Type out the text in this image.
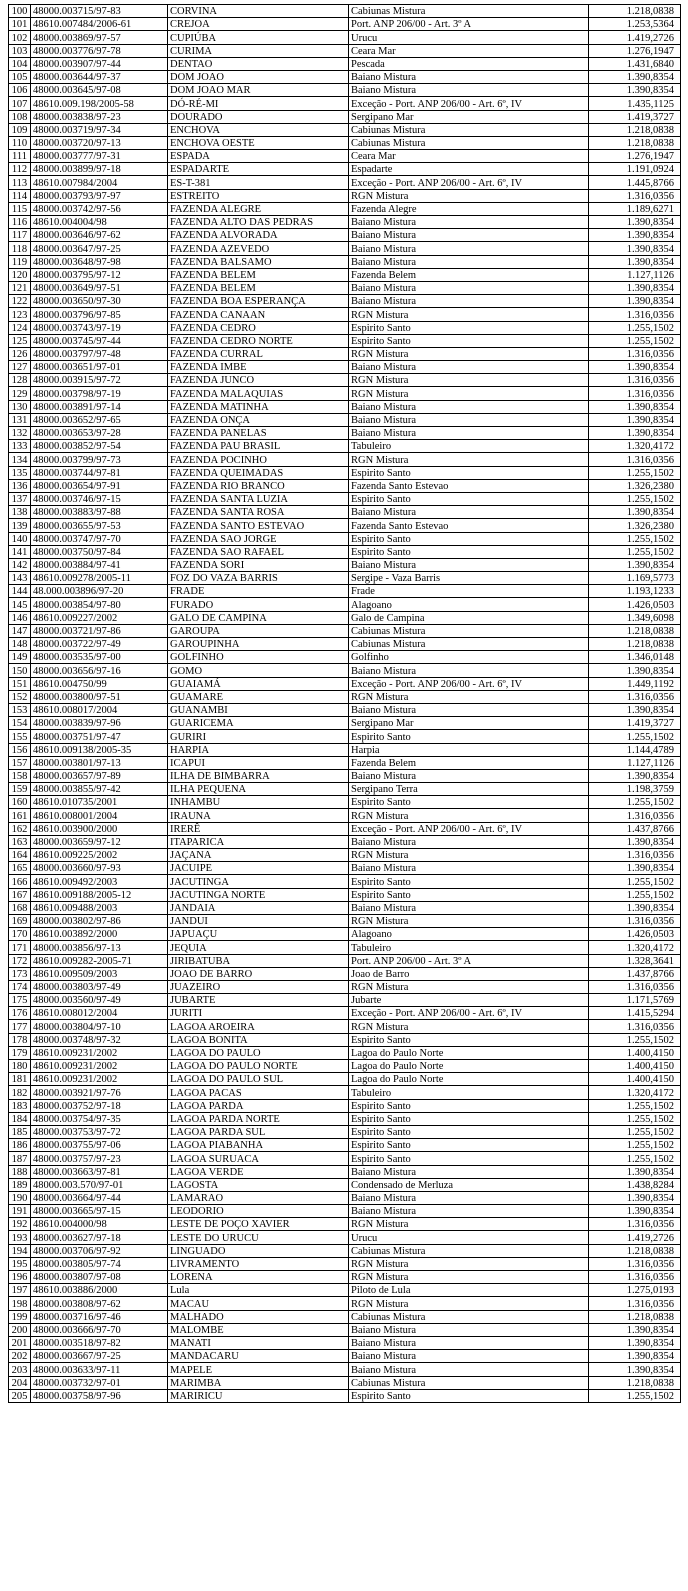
100	48000.003715/97-83	CORVINA	Cabiunas Mistura	1.218,0838
101	48610.007484/2006-61	CREJOA	Port. ANP 206/00 - Art. 3º A	1.253,5364
102	48000.003869/97-57	CUPIÚBA	Urucu	1.419,2726
103	48000.003776/97-78	CURIMA	Ceara Mar	1.276,1947
104	48000.003907/97-44	DENTAO	Pescada	1.431,6840
105	48000.003644/97-37	DOM JOAO	Baiano Mistura	1.390,8354
106	48000.003645/97-08	DOM JOAO MAR	Baiano Mistura	1.390,8354
107	48610.009.198/2005-58	DÓ-RÉ-MI	Exceção - Port. ANP 206/00 - Art. 6º, IV	1.435,1125
108	48000.003838/97-23	DOURADO	Sergipano Mar	1.419,3727
109	48000.003719/97-34	ENCHOVA	Cabiunas Mistura	1.218,0838
110	48000.003720/97-13	ENCHOVA OESTE	Cabiunas Mistura	1.218,0838
111	48000.003777/97-31	ESPADA	Ceara Mar	1.276,1947
112	48000.003899/97-18	ESPADARTE	Espadarte	1.191,0924
113	48610.007984/2004	ES-T-381	Exceção - Port. ANP 206/00 - Art. 6º, IV	1.445,8766
114	48000.003793/97-97	ESTREITO	RGN Mistura	1.316,0356
115	48000.003742/97-56	FAZENDA ALEGRE	Fazenda Alegre	1.189,6271
116	48610.004004/98	FAZENDA ALTO DAS PEDRAS	Baiano Mistura	1.390,8354
117	48000.003646/97-62	FAZENDA ALVORADA	Baiano Mistura	1.390,8354
118	48000.003647/97-25	FAZENDA AZEVEDO	Baiano Mistura	1.390,8354
119	48000.003648/97-98	FAZENDA BALSAMO	Baiano Mistura	1.390,8354
120	48000.003795/97-12	FAZENDA BELEM	Fazenda Belem	1.127,1126
121	48000.003649/97-51	FAZENDA BELEM	Baiano Mistura	1.390,8354
122	48000.003650/97-30	FAZENDA BOA ESPERANÇA	Baiano Mistura	1.390,8354
123	48000.003796/97-85	FAZENDA CANAAN	RGN Mistura	1.316,0356
124	48000.003743/97-19	FAZENDA CEDRO	Espirito Santo	1.255,1502
125	48000.003745/97-44	FAZENDA CEDRO NORTE	Espirito Santo	1.255,1502
126	48000.003797/97-48	FAZENDA CURRAL	RGN Mistura	1.316,0356
127	48000.003651/97-01	FAZENDA IMBE	Baiano Mistura	1.390,8354
128	48000.003915/97-72	FAZENDA JUNCO	RGN Mistura	1.316,0356
129	48000.003798/97-19	FAZENDA MALAQUIAS	RGN Mistura	1.316,0356
130	48000.003891/97-14	FAZENDA MATINHA	Baiano Mistura	1.390,8354
131	48000.003652/97-65	FAZENDA ONÇA	Baiano Mistura	1.390,8354
132	48000.003653/97-28	FAZENDA PANELAS	Baiano Mistura	1.390,8354
133	48000.003852/97-54	FAZENDA PAU BRASIL	Tabuleiro	1.320,4172
134	48000.003799/97-73	FAZENDA POCINHO	RGN Mistura	1.316,0356
135	48000.003744/97-81	FAZENDA QUEIMADAS	Espirito Santo	1.255,1502
136	48000.003654/97-91	FAZENDA RIO BRANCO	Fazenda Santo Estevao	1.326,2380
137	48000.003746/97-15	FAZENDA SANTA LUZIA	Espirito Santo	1.255,1502
138	48000.003883/97-88	FAZENDA SANTA ROSA	Baiano Mistura	1.390,8354
139	48000.003655/97-53	FAZENDA SANTO ESTEVAO	Fazenda Santo Estevao	1.326,2380
140	48000.003747/97-70	FAZENDA SAO JORGE	Espirito Santo	1.255,1502
141	48000.003750/97-84	FAZENDA SAO RAFAEL	Espirito Santo	1.255,1502
142	48000.003884/97-41	FAZENDA SORI	Baiano Mistura	1.390,8354
143	48610.009278/2005-11	FOZ DO VAZA BARRIS	Sergipe - Vaza Barris	1.169,5773
144	48.000.003896/97-20	FRADE	Frade	1.193,1233
145	48000.003854/97-80	FURADO	Alagoano	1.426,0503
146	48610.009227/2002	GALO DE CAMPINA	Galo de Campina	1.349,6098
147	48000.003721/97-86	GAROUPA	Cabiunas Mistura	1.218,0838
148	48000.003722/97-49	GAROUPINHA	Cabiunas Mistura	1.218,0838
149	48000.003535/97-00	GOLFINHO	Golfinho	1.346,0148
150	48000.003656/97-16	GOMO	Baiano Mistura	1.390,8354
151	48610.004750/99	GUAIAMÁ	Exceção - Port. ANP 206/00 - Art. 6º, IV	1.449,1192
152	48000.003800/97-51	GUAMARE	RGN Mistura	1.316,0356
153	48610.008017/2004	GUANAMBI	Baiano Mistura	1.390,8354
154	48000.003839/97-96	GUARICEMA	Sergipano Mar	1.419,3727
155	48000.003751/97-47	GURIRI	Espirito Santo	1.255,1502
156	48610.009138/2005-35	HARPIA	Harpia	1.144,4789
157	48000.003801/97-13	ICAPUI	Fazenda Belem	1.127,1126
158	48000.003657/97-89	ILHA DE BIMBARRA	Baiano Mistura	1.390,8354
159	48000.003855/97-42	ILHA PEQUENA	Sergipano Terra	1.198,3759
160	48610.010735/2001	INHAMBU	Espirito Santo	1.255,1502
161	48610.008001/2004	IRAUNA	RGN Mistura	1.316,0356
162	48610.003900/2000	IRERÊ	Exceção - Port. ANP 206/00 - Art. 6º, IV	1.437,8766
163	48000.003659/97-12	ITAPARICA	Baiano Mistura	1.390,8354
164	48610.009225/2002	JAÇANA	RGN Mistura	1.316,0356
165	48000.003660/97-93	JACUIPE	Baiano Mistura	1.390,8354
166	48610.009492/2003	JACUTINGA	Espirito Santo	1.255,1502
167	48610.009188/2005-12	JACUTINGA NORTE	Espirito Santo	1.255,1502
168	48610.009488/2003	JANDAIA	Baiano Mistura	1.390,8354
169	48000.003802/97-86	JANDUI	RGN Mistura	1.316,0356
170	48610.003892/2000	JAPUAÇU	Alagoano	1.426,0503
171	48000.003856/97-13	JEQUIA	Tabuleiro	1.320,4172
172	48610.009282-2005-71	JIRIBATUBA	Port. ANP 206/00 - Art. 3º A	1.328,3641
173	48610.009509/2003	JOAO DE BARRO	Joao de Barro	1.437,8766
174	48000.003803/97-49	JUAZEIRO	RGN Mistura	1.316,0356
175	48000.003560/97-49	JUBARTE	Jubarte	1.171,5769
176	48610.008012/2004	JURITI	Exceção - Port. ANP 206/00 - Art. 6º, IV	1.415,5294
177	48000.003804/97-10	LAGOA AROEIRA	RGN Mistura	1.316,0356
178	48000.003748/97-32	LAGOA BONITA	Espirito Santo	1.255,1502
179	48610.009231/2002	LAGOA DO PAULO	Lagoa do Paulo Norte	1.400,4150
180	48610.009231/2002	LAGOA DO PAULO NORTE	Lagoa do Paulo Norte	1.400,4150
181	48610.009231/2002	LAGOA DO PAULO SUL	Lagoa do Paulo Norte	1.400,4150
182	48000.003921/97-76	LAGOA PACAS	Tabuleiro	1.320,4172
183	48000.003752/97-18	LAGOA PARDA	Espirito Santo	1.255,1502
184	48000.003754/97-35	LAGOA PARDA NORTE	Espirito Santo	1.255,1502
185	48000.003753/97-72	LAGOA PARDA SUL	Espirito Santo	1.255,1502
186	48000.003755/97-06	LAGOA PIABANHA	Espirito Santo	1.255,1502
187	48000.003757/97-23	LAGOA SURUACA	Espirito Santo	1.255,1502
188	48000.003663/97-81	LAGOA VERDE	Baiano Mistura	1.390,8354
189	48000.003.570/97-01	LAGOSTA	Condensado de Merluza	1.438,8284
190	48000.003664/97-44	LAMARAO	Baiano Mistura	1.390,8354
191	48000.003665/97-15	LEODORIO	Baiano Mistura	1.390,8354
192	48610.004000/98	LESTE DE POÇO XAVIER	RGN Mistura	1.316,0356
193	48000.003627/97-18	LESTE DO URUCU	Urucu	1.419,2726
194	48000.003706/97-92	LINGUADO	Cabiunas Mistura	1.218,0838
195	48000.003805/97-74	LIVRAMENTO	RGN Mistura	1.316,0356
196	48000.003807/97-08	LORENA	RGN Mistura	1.316,0356
197	48610.003886/2000	Lula	Piloto de Lula	1.275,0193
198	48000.003808/97-62	MACAU	RGN Mistura	1.316,0356
199	48000.003716/97-46	MALHADO	Cabiunas Mistura	1.218,0838
200	48000.003666/97-70	MALOMBE	Baiano Mistura	1.390,8354
201	48000.003518/97-82	MANATI	Baiano Mistura	1.390,8354
202	48000.003667/97-25	MANDACARU	Baiano Mistura	1.390,8354
203	48000.003633/97-11	MAPELE	Baiano Mistura	1.390,8354
204	48000.003732/97-01	MARIMBA	Cabiunas Mistura	1.218,0838
205	48000.003758/97-96	MARIRICU	Espirito Santo	1.255,1502
